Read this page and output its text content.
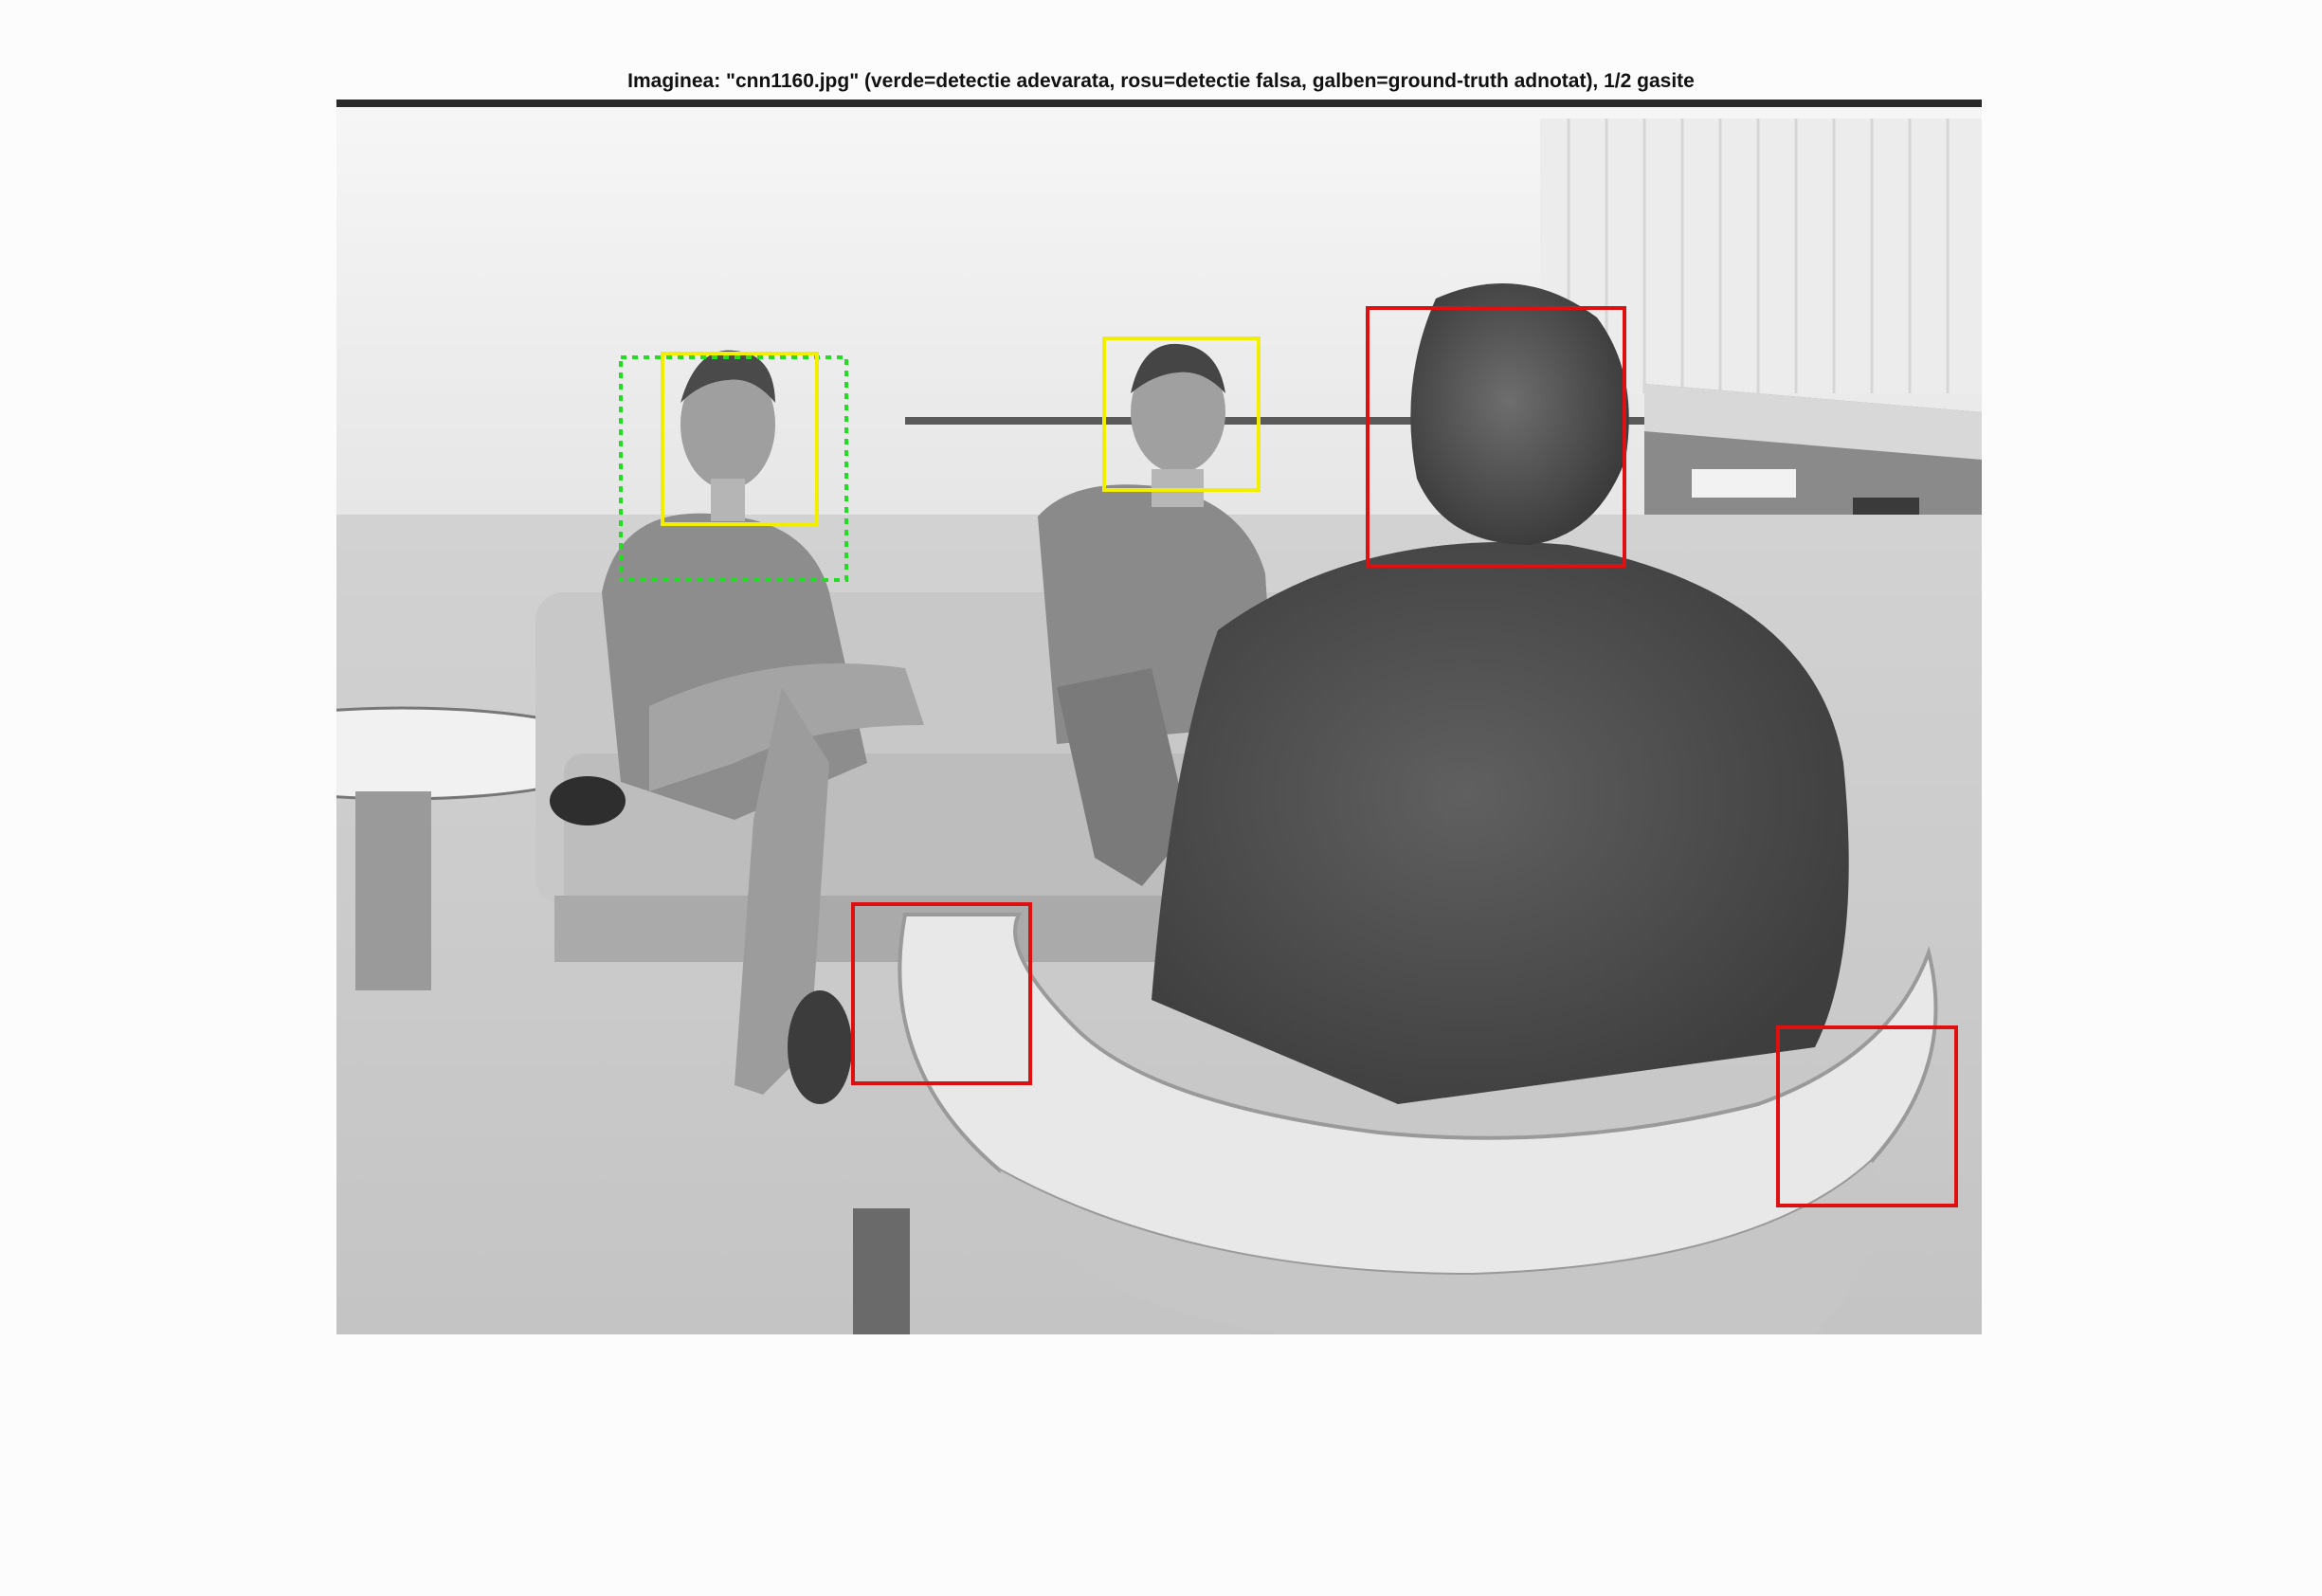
Imaginea: "cnn1160.jpg" (verde=detectie adevarata, rosu=detectie falsa, galben=ground-truth adnotat), 1/2 gasite
